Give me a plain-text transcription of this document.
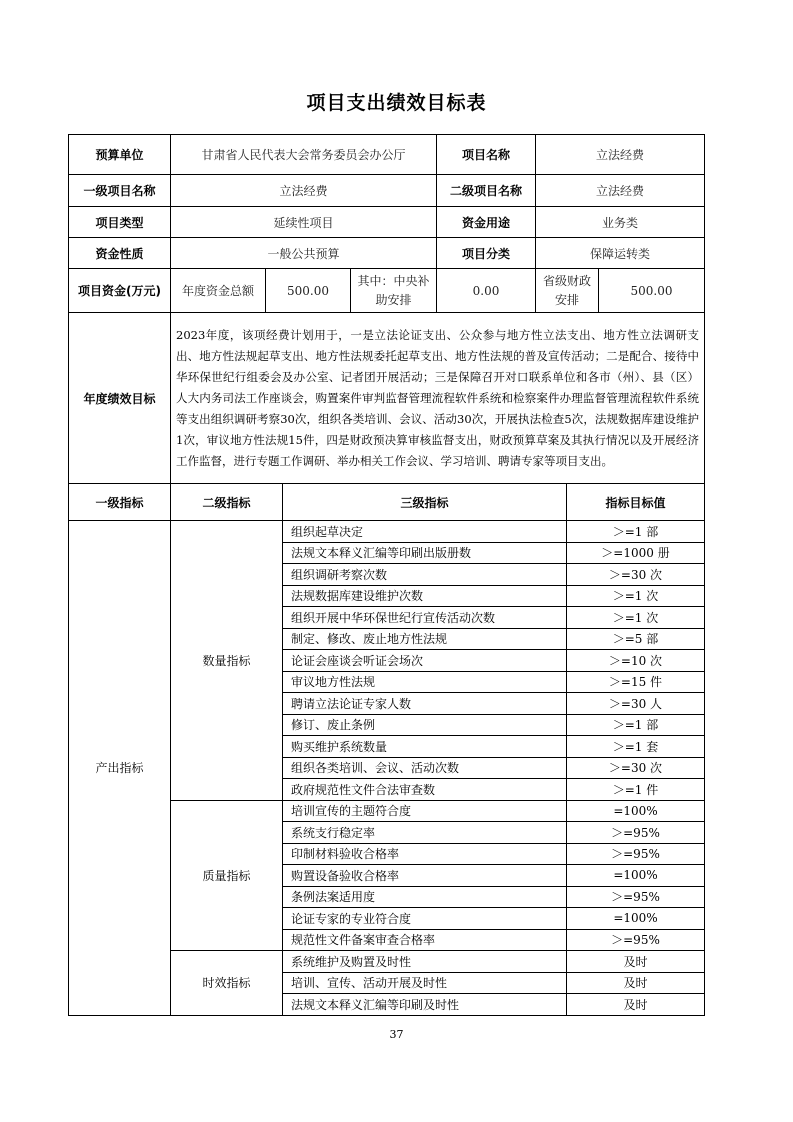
项目支出绩效目标表
预算单位	甘肃省人民代表大会常务委员会办公厅			项目名称	立法经费	
一级项目名称	立法经费			二级项目名称	立法经费	
项目类型	延续性项目			资金用途	业务类	
资金性质	一般公共预算			项目分类	保障运转类	
项目资金(万元)	年度资金总额	500.00	其中：中央补助安排	0.00	省级财政安排	500.00
年度绩效目标	2023年度，该项经费计划用于，一是立法论证支出、公众参与地方性立法支出、地方性立法调研支出、地方性法规起草支出、地方性法规委托起草支出、地方性法规的普及宣传活动；二是配合、接待中华环保世纪行组委会及办公室、记者团开展活动；三是保障召开对口联系单位和各市（州）、县（区）人大内务司法工作座谈会，购置案件审判监督管理流程软件系统和检察案件办理监督管理流程软件系统等支出组织调研考察30次，组织各类培训、会议、活动30次，开展执法检查5次，法规数据库建设维护1次，审议地方性法规15件，四是财政预决算审核监督支出，财政预算草案及其执行情况以及开展经济工作监督，进行专题工作调研、举办相关工作会议、学习培训、聘请专家等项目支出。					
一级指标	二级指标	三级指标	指标目标值
产出指标	数量指标	组织起草决定	＞=1 部
		法规文本释义汇编等印刷出版册数	＞=1000 册
		组织调研考察次数	＞=30 次
		法规数据库建设维护次数	＞=1 次
		组织开展中华环保世纪行宣传活动次数	＞=1 次
		制定、修改、废止地方性法规	＞=5 部
		论证会座谈会听证会场次	＞=10 次
		审议地方性法规	＞=15 件
		聘请立法论证专家人数	＞=30 人
		修订、废止条例	＞=1 部
		购买维护系统数量	＞=1 套
		组织各类培训、会议、活动次数	＞=30 次
		政府规范性文件合法审查数	＞=1 件
	质量指标	培训宣传的主题符合度	=100%
		系统支行稳定率	＞=95%
		印制材料验收合格率	＞=95%
		购置设备验收合格率	=100%
		条例法案适用度	＞=95%
		论证专家的专业符合度	=100%
		规范性文件备案审查合格率	＞=95%
	时效指标	系统维护及购置及时性	及时
		培训、宣传、活动开展及时性	及时
		法规文本释义汇编等印刷及时性	及时
37
